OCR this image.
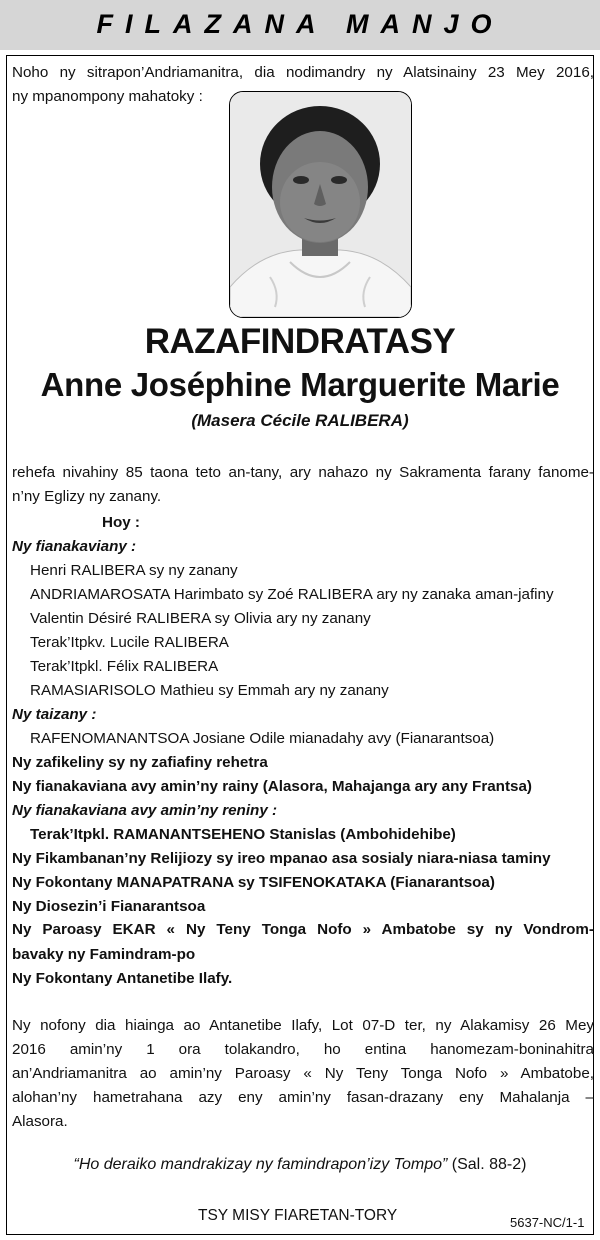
FILAZANA MANJO
Noho ny sitrapon’Andriamanitra, dia nodimandry ny Alatsinainy 23 Mey 2016,
ny mpanompony mahatoky :
RAZAFINDRATASY
Anne Joséphine Marguerite Marie
(Masera Cécile RALIBERA)
rehefa nivahiny 85 taona teto an-tany, ary nahazo ny Sakramenta farany fanome-
n’ny Eglizy ny zanany.
Hoy :
Ny fianakaviany :
Henri RALIBERA sy ny zanany
ANDRIAMAROSATA Harimbato sy Zoé RALIBERA ary ny zanaka aman-jafiny
Valentin Désiré RALIBERA sy Olivia ary ny zanany
Terak’Itpkv. Lucile RALIBERA
Terak’Itpkl. Félix RALIBERA
RAMASIARISOLO Mathieu sy Emmah ary ny zanany
Ny taizany :
RAFENOMANANTSOA Josiane Odile mianadahy avy (Fianarantsoa)
Ny zafikeliny sy ny zafiafiny rehetra
Ny fianakaviana avy amin’ny rainy (Alasora, Mahajanga ary any Frantsa)
Ny fianakaviana avy amin’ny reniny :
Terak’Itpkl. RAMANANTSEHENO Stanislas (Ambohidehibe)
Ny Fikambanan’ny Relijiozy sy ireo mpanao asa sosialy niara-niasa taminy
Ny Fokontany MANAPATRANA sy TSIFENOKATAKA (Fianarantsoa)
Ny Diosezin’i Fianarantsoa
Ny Paroasy EKAR « Ny Teny Tonga Nofo » Ambatobe sy ny Vondrom-
bavaky ny Famindram-po
Ny Fokontany Antanetibe Ilafy.
Ny nofony dia hiainga ao Antanetibe Ilafy, Lot 07-D ter, ny Alakamisy 26 Mey
2016 amin’ny 1 ora tolakandro, ho entina hanomezam-boninahitra
an’Andriamanitra ao amin’ny Paroasy « Ny Teny Tonga Nofo » Ambatobe,
alohan’ny hametrahana azy eny amin’ny fasan-drazany eny Mahalanja –
Alasora.
“Ho deraiko mandrakizay ny famindrapon’izy Tompo” (Sal. 88-2)
TSY MISY FIARETAN-TORY	5637-NC/1-1
